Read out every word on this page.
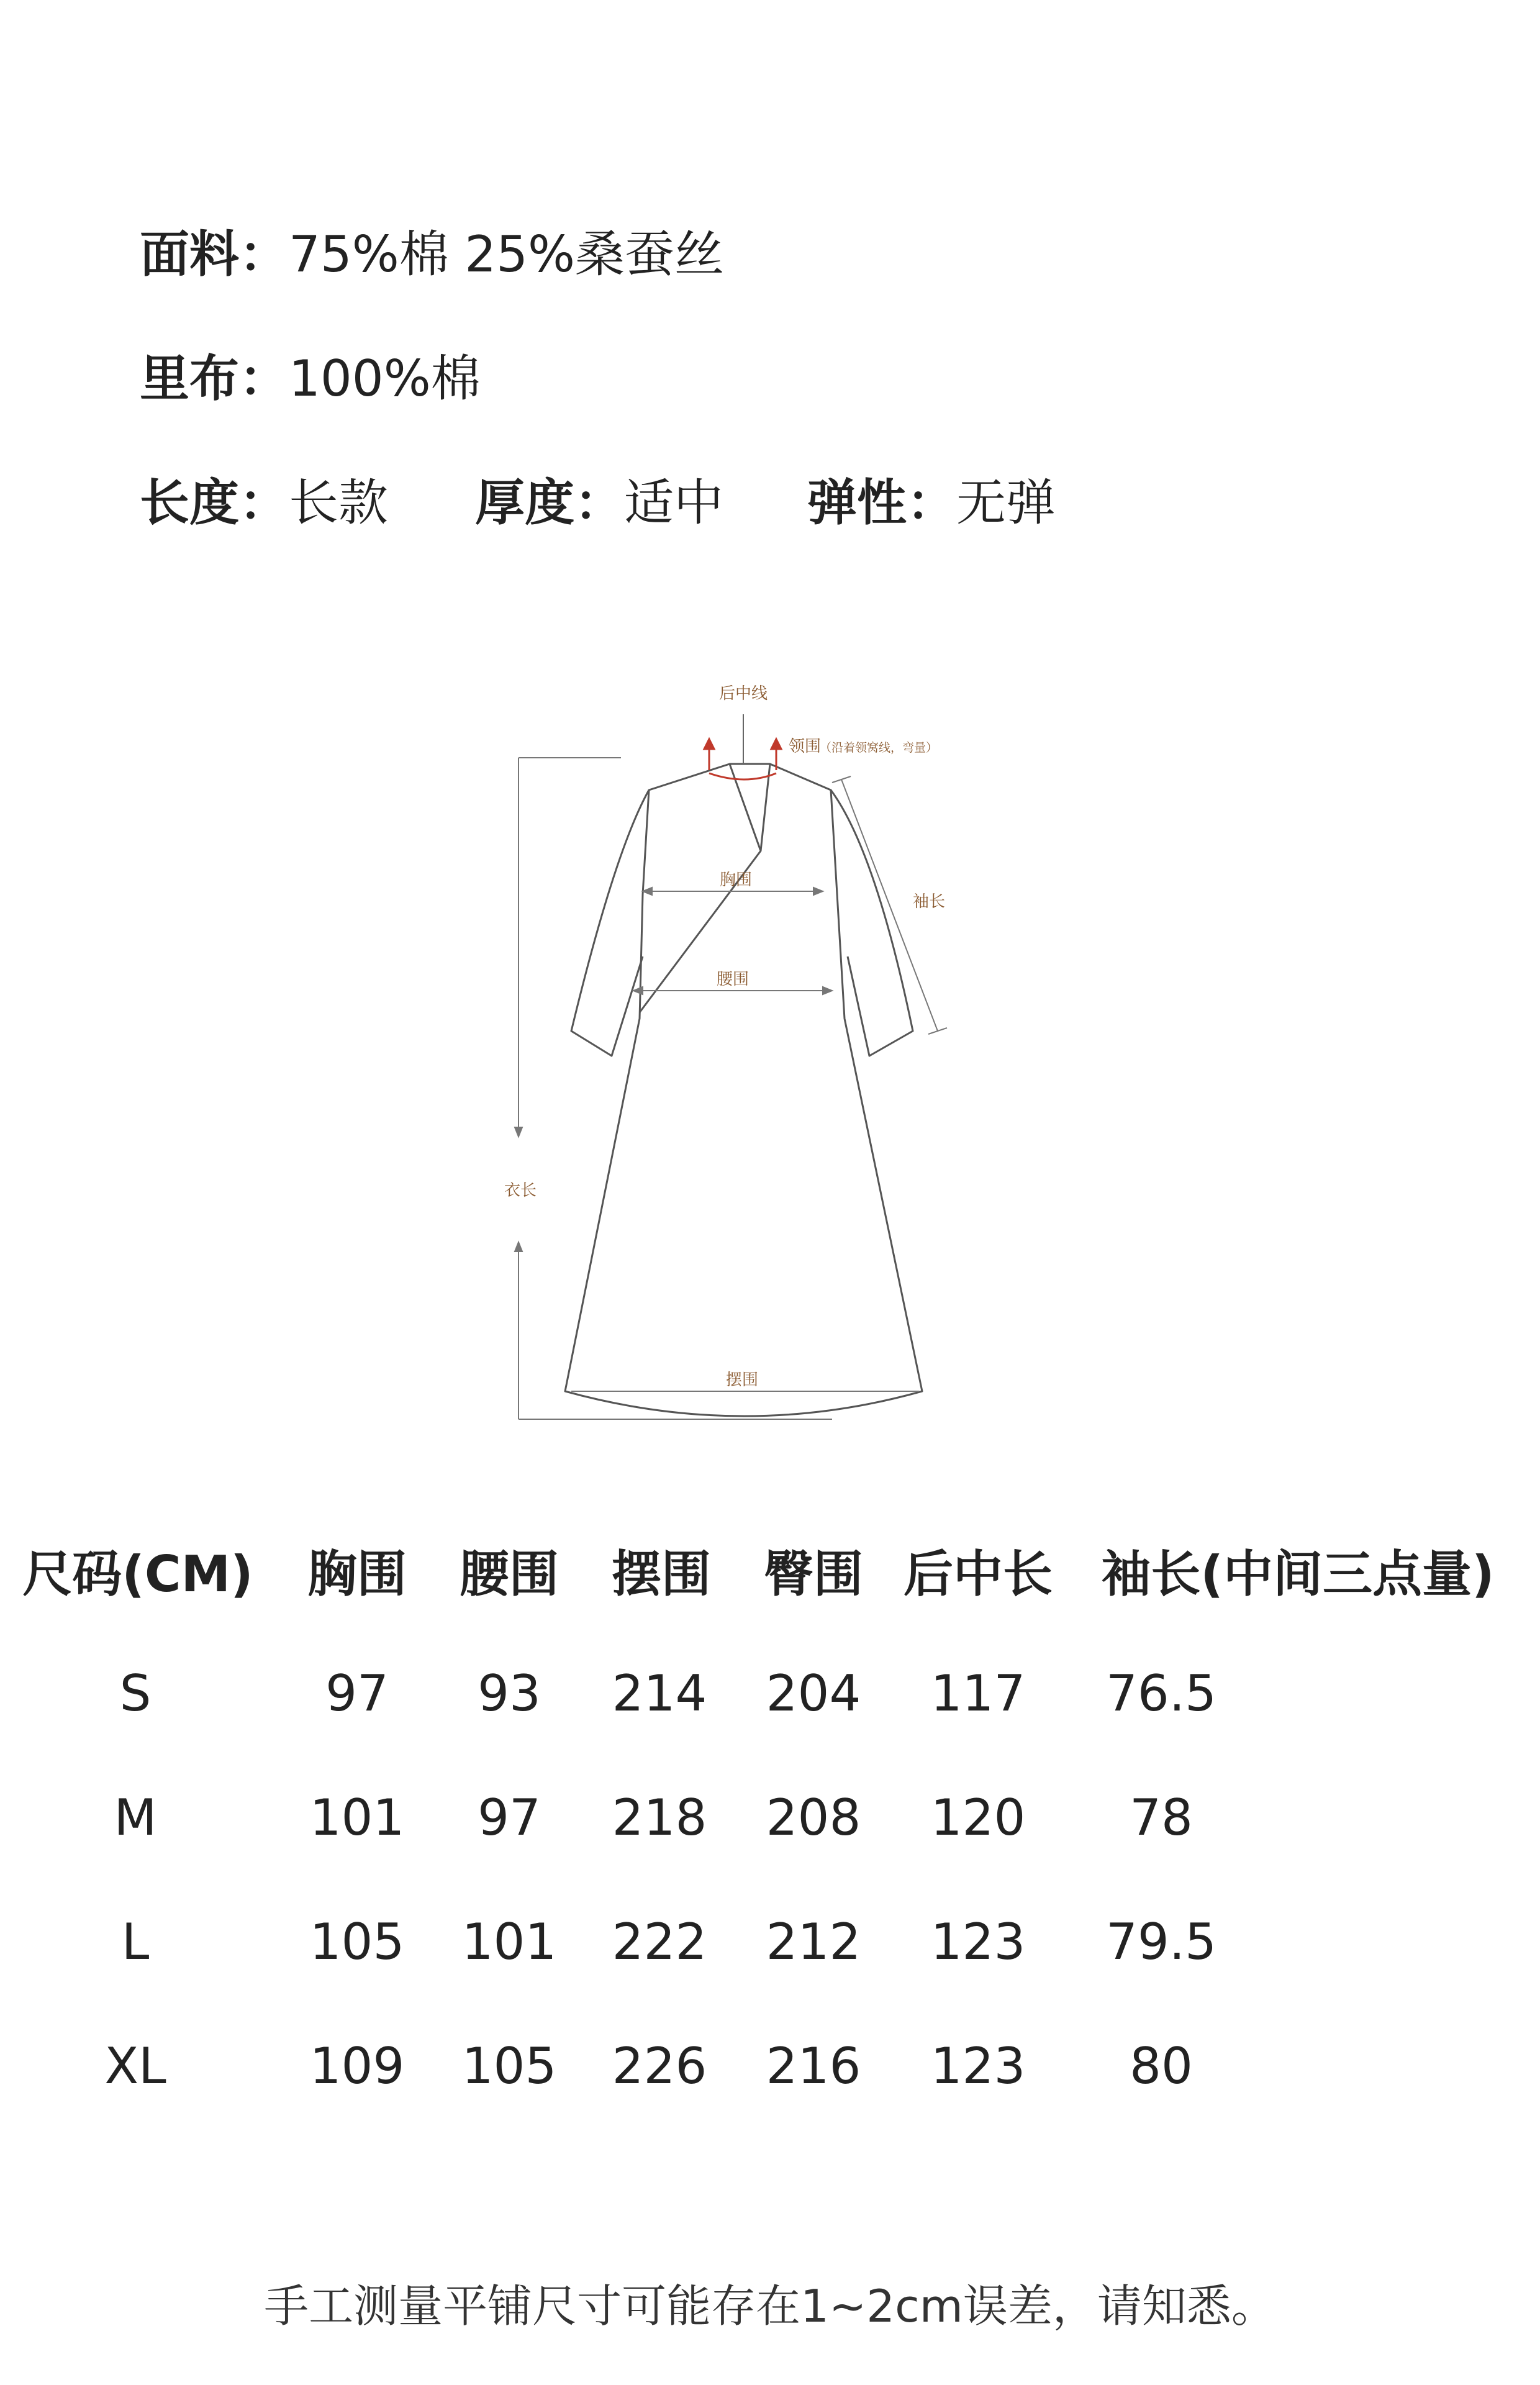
面料：75%棉 25%桑蚕丝
里布：100%棉
长度：长款 厚度：适中 弹性：无弹
后中线
领围
（沿着领窝线，弯量）
胸围
腰围
袖长
衣长
摆围
尺码(CM) 胸围 腰围 摆围 臀围 后中长 袖长(中间三点量)
S	97 93 214 204 117 76.5
M	101 97 218 208 120 78
L	105 101 222 212 123 79.5
XL	109 105 226 216 123 80
手工测量平铺尺寸可能存在1~2cm误差，请知悉。
